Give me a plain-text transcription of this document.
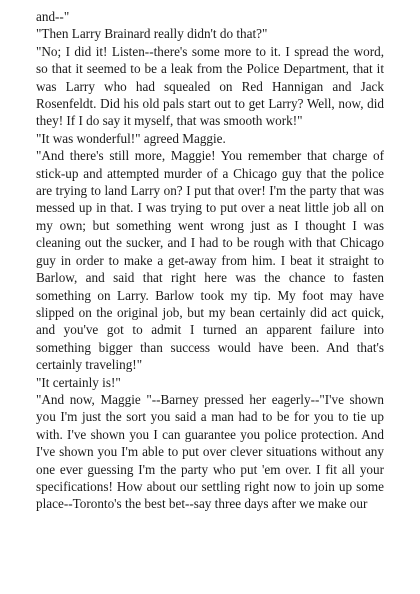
and--"

"Then Larry Brainard really didn't do that?"

"No; I did it! Listen--there's some more to it. I spread the word, so that it seemed to be a leak from the Police Department, that it was Larry who had squealed on Red Hannigan and Jack Rosenfeldt. Did his old pals start out to get Larry? Well, now, did they! If I do say it myself, that was smooth work!"

"It was wonderful!" agreed Maggie.

"And there's still more, Maggie! You remember that charge of stick-up and attempted murder of a Chicago guy that the police are trying to land Larry on? I put that over! I'm the party that was messed up in that. I was trying to put over a neat little job all on my own; but something went wrong just as I thought I was cleaning out the sucker, and I had to be rough with that Chicago guy in order to make a get-away from him. I beat it straight to Barlow, and said that right here was the chance to fasten something on Larry. Barlow took my tip. My foot may have slipped on the original job, but my bean certainly did act quick, and you've got to admit I turned an apparent failure into something bigger than success would have been. And that's certainly traveling!"

"It certainly is!"

"And now, Maggie "--Barney pressed her eagerly--"I've shown you I'm just the sort you said a man had to be for you to tie up with. I've shown you I can guarantee you police protection. And I've shown you I'm able to put over clever situations without any one ever guessing I'm the party who put 'em over. I fit all your specifications! How about our settling right now to join up some place--Toronto's the best bet--say three days after we make our
